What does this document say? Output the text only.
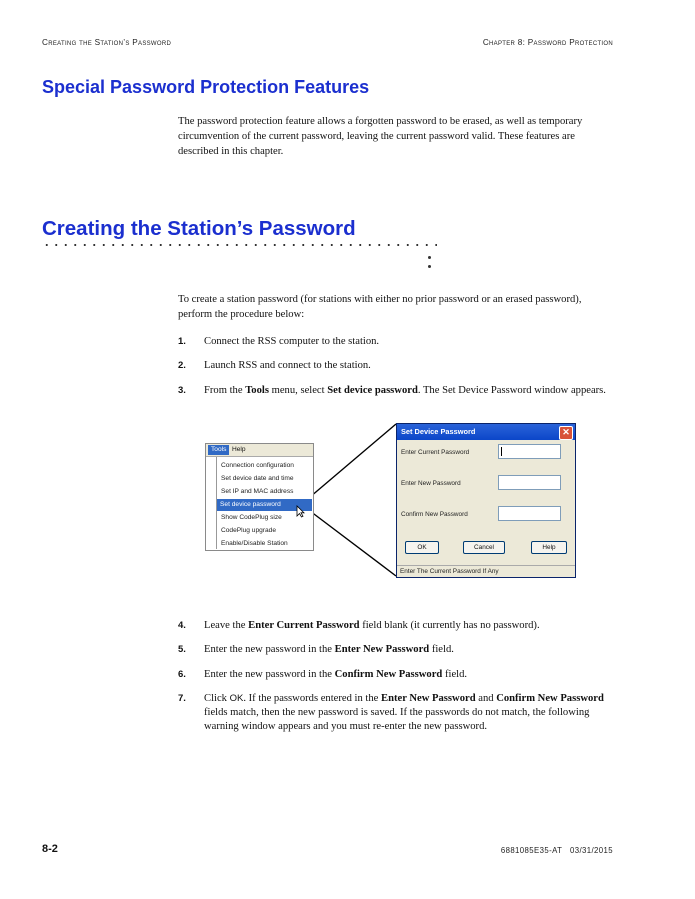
Creating the Station’s Password	Chapter 8: Password Protection
Special Password Protection Features
The password protection feature allows a forgotten password to be erased, as well as temporary circumvention of the current password, leaving the current password valid. These features are described in this chapter.
Creating the Station’s Password
To create a station password (for stations with either no prior password or an erased password), perform the procedure below:
1. Connect the RSS computer to the station.
2. Launch RSS and connect to the station.
3. From the Tools menu, select Set device password. The Set Device Password window appears.
Tools Help
Connection configuration
Set device date and time
Set IP and MAC address
Set device password
Show CodePlug size
CodePlug upgrade
Enable/Disable Station
Set Device Password	✕
Enter Current Password
Enter New Password
Confirm New Password
OK	Cancel	Help
Enter The Current Password If Any
4. Leave the Enter Current Password field blank (it currently has no password).
5. Enter the new password in the Enter New Password field.
6. Enter the new password in the Confirm New Password field.
7. Click OK. If the passwords entered in the Enter New Password and Confirm New Password fields match, then the new password is saved. If the passwords do not match, the following warning window appears and you must re-enter the new password.
8-2	6881085E35-AT 03/31/2015
